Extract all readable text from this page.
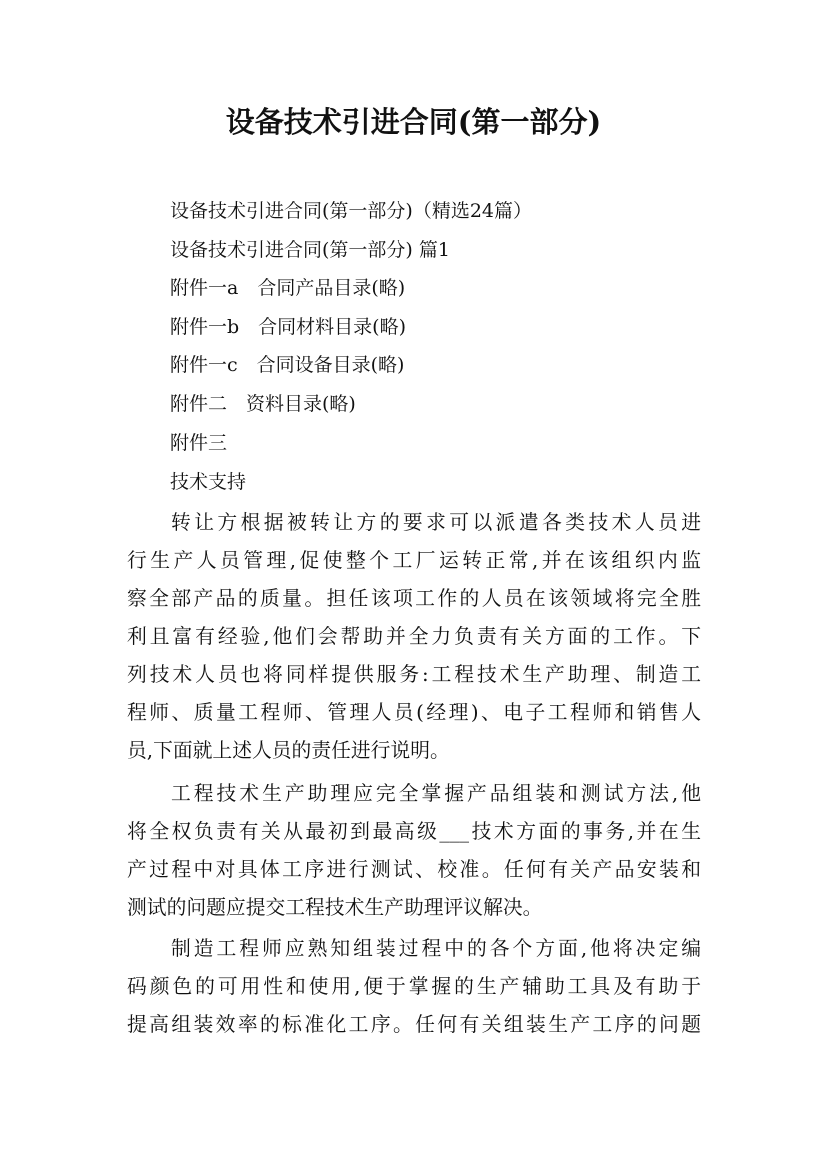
设备技术引进合同(第一部分)

设备技术引进合同(第一部分)（精选24篇）

设备技术引进合同(第一部分) 篇1

附件一a　合同产品目录(略)

附件一b　合同材料目录(略)

附件一c　合同设备目录(略)

附件二　资料目录(略)

附件三

技术支持

转让方根据被转让方的要求可以派遣各类技术人员进

行生产人员管理,促使整个工厂运转正常,并在该组织内监

察全部产品的质量。担任该项工作的人员在该领域将完全胜

利且富有经验,他们会帮助并全力负责有关方面的工作。下

列技术人员也将同样提供服务:工程技术生产助理、制造工

程师、质量工程师、管理人员(经理)、电子工程师和销售人

员,下面就上述人员的责任进行说明。

工程技术生产助理应完全掌握产品组装和测试方法,他

将全权负责有关从最初到最高级___技术方面的事务,并在生

产过程中对具体工序进行测试、校准。任何有关产品安装和

测试的问题应提交工程技术生产助理评议解决。

制造工程师应熟知组装过程中的各个方面,他将决定编

码颜色的可用性和使用,便于掌握的生产辅助工具及有助于

提高组装效率的标准化工序。任何有关组装生产工序的问题
